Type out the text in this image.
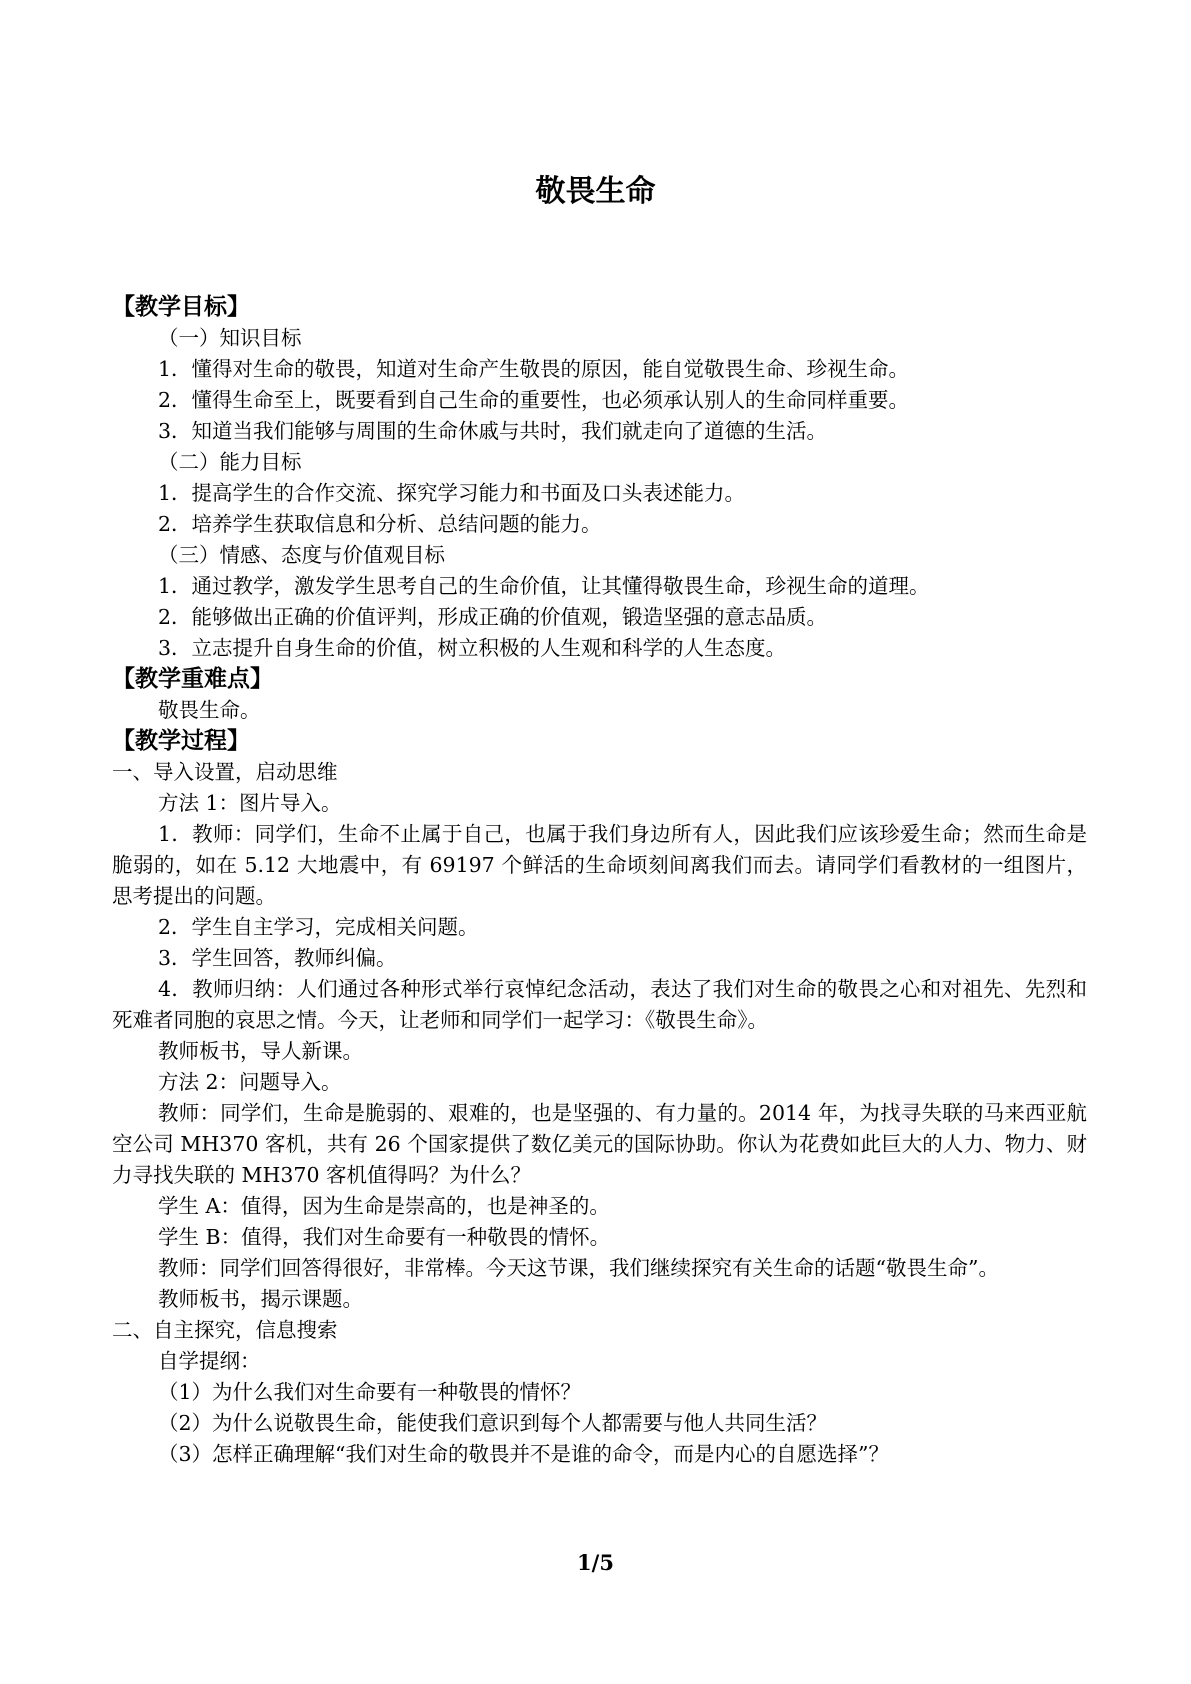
敬畏生命

【教学目标】

（一）知识目标

1．懂得对生命的敬畏，知道对生命产生敬畏的原因，能自觉敬畏生命、珍视生命。

2．懂得生命至上，既要看到自己生命的重要性，也必须承认别人的生命同样重要。

3．知道当我们能够与周围的生命休戚与共时，我们就走向了道德的生活。

（二）能力目标

1．提高学生的合作交流、探究学习能力和书面及口头表述能力。

2．培养学生获取信息和分析、总结问题的能力。

（三）情感、态度与价值观目标

1．通过教学，激发学生思考自己的生命价值，让其懂得敬畏生命，珍视生命的道理。

2．能够做出正确的价值评判，形成正确的价值观，锻造坚强的意志品质。

3．立志提升自身生命的价值，树立积极的人生观和科学的人生态度。

【教学重难点】

敬畏生命。

【教学过程】

一、导入设置，启动思维

方法 1：图片导入。

1．教师：同学们，生命不止属于自己，也属于我们身边所有人，因此我们应该珍爱生命；然而生命是脆弱的，如在 5.12 大地震中，有 69197 个鲜活的生命顷刻间离我们而去。请同学们看教材的一组图片，思考提出的问题。

2．学生自主学习，完成相关问题。

3．学生回答，教师纠偏。

4．教师归纳：人们通过各种形式举行哀悼纪念活动，表达了我们对生命的敬畏之心和对祖先、先烈和死难者同胞的哀思之情。今天，让老师和同学们一起学习：《敬畏生命》。

教师板书，导人新课。

方法 2：问题导入。

教师：同学们，生命是脆弱的、艰难的，也是坚强的、有力量的。2014 年，为找寻失联的马来西亚航空公司 MH370 客机，共有 26 个国家提供了数亿美元的国际协助。你认为花费如此巨大的人力、物力、财力寻找失联的 MH370 客机值得吗？为什么？

学生 A：值得，因为生命是崇高的，也是神圣的。

学生 B：值得，我们对生命要有一种敬畏的情怀。

教师：同学们回答得很好，非常棒。今天这节课，我们继续探究有关生命的话题“敬畏生命”。

教师板书，揭示课题。

二、自主探究，信息搜索

自学提纲：

（1）为什么我们对生命要有一种敬畏的情怀？

（2）为什么说敬畏生命，能使我们意识到每个人都需要与他人共同生活？

（3）怎样正确理解“我们对生命的敬畏并不是谁的命令，而是内心的自愿选择”？

1/5
